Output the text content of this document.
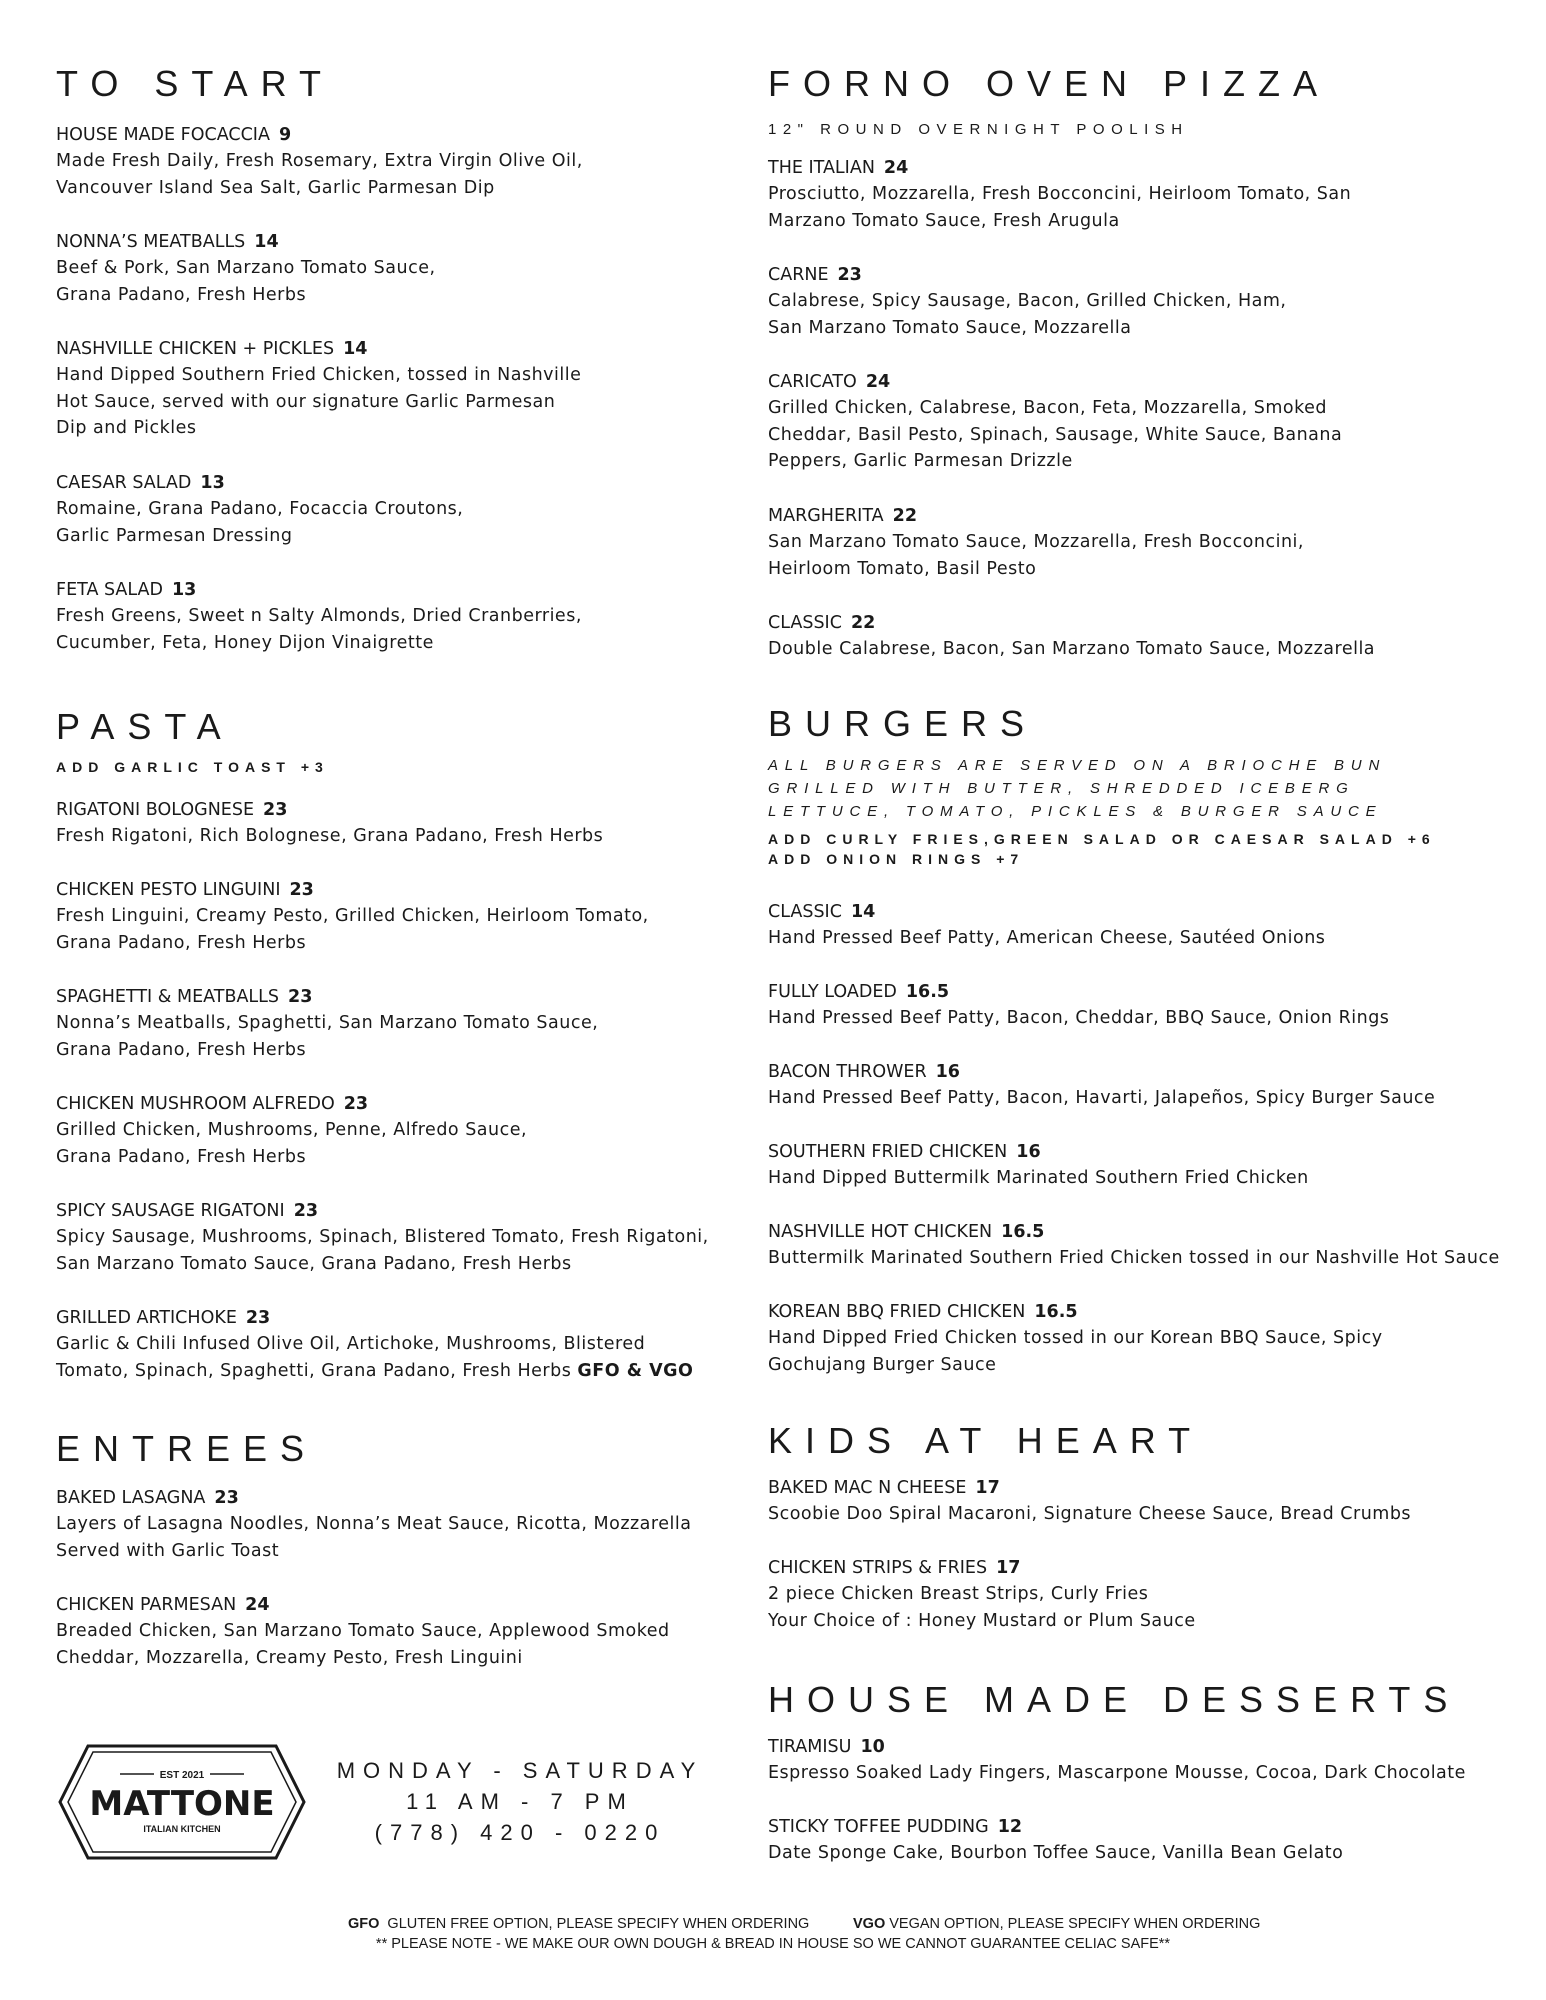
TO START
HOUSE MADE FOCACCIA 9
Made Fresh Daily, Fresh Rosemary, Extra Virgin Olive Oil,
Vancouver Island Sea Salt, Garlic Parmesan Dip
NONNA’S MEATBALLS 14
Beef & Pork, San Marzano Tomato Sauce,
Grana Padano, Fresh Herbs
NASHVILLE CHICKEN + PICKLES 14
Hand Dipped Southern Fried Chicken, tossed in Nashville
Hot Sauce, served with our signature Garlic Parmesan
Dip and Pickles
CAESAR SALAD 13
Romaine, Grana Padano, Focaccia Croutons,
Garlic Parmesan Dressing
FETA SALAD 13
Fresh Greens, Sweet n Salty Almonds, Dried Cranberries,
Cucumber, Feta, Honey Dijon Vinaigrette
PASTA
ADD GARLIC TOAST +3
RIGATONI BOLOGNESE 23
Fresh Rigatoni, Rich Bolognese, Grana Padano, Fresh Herbs
CHICKEN PESTO LINGUINI 23
Fresh Linguini, Creamy Pesto, Grilled Chicken, Heirloom Tomato,
Grana Padano, Fresh Herbs
SPAGHETTI & MEATBALLS 23
Nonna’s Meatballs, Spaghetti, San Marzano Tomato Sauce,
Grana Padano, Fresh Herbs
CHICKEN MUSHROOM ALFREDO 23
Grilled Chicken, Mushrooms, Penne, Alfredo Sauce,
Grana Padano, Fresh Herbs
SPICY SAUSAGE RIGATONI 23
Spicy Sausage, Mushrooms, Spinach, Blistered Tomato, Fresh Rigatoni,
San Marzano Tomato Sauce, Grana Padano, Fresh Herbs
GRILLED ARTICHOKE 23
Garlic & Chili Infused Olive Oil, Artichoke, Mushrooms, Blistered
Tomato, Spinach, Spaghetti, Grana Padano, Fresh Herbs GFO & VGO
ENTREES
BAKED LASAGNA 23
Layers of Lasagna Noodles, Nonna’s Meat Sauce, Ricotta, Mozzarella
Served with Garlic Toast
CHICKEN PARMESAN 24
Breaded Chicken, San Marzano Tomato Sauce, Applewood Smoked
Cheddar, Mozzarella, Creamy Pesto, Fresh Linguini
FORNO OVEN PIZZA
12" ROUND OVERNIGHT POOLISH
THE ITALIAN 24
Prosciutto, Mozzarella, Fresh Bocconcini, Heirloom Tomato, San
Marzano Tomato Sauce, Fresh Arugula
CARNE 23
Calabrese, Spicy Sausage, Bacon, Grilled Chicken, Ham,
San Marzano Tomato Sauce, Mozzarella
CARICATO 24
Grilled Chicken, Calabrese, Bacon, Feta, Mozzarella, Smoked
Cheddar, Basil Pesto, Spinach, Sausage, White Sauce, Banana
Peppers, Garlic Parmesan Drizzle
MARGHERITA 22
San Marzano Tomato Sauce, Mozzarella, Fresh Bocconcini,
Heirloom Tomato, Basil Pesto
CLASSIC 22
Double Calabrese, Bacon, San Marzano Tomato Sauce, Mozzarella
BURGERS
ALL BURGERS ARE SERVED ON A BRIOCHE BUN
GRILLED WITH BUTTER, SHREDDED ICEBERG
LETTUCE, TOMATO, PICKLES & BURGER SAUCE
ADD CURLY FRIES,GREEN SALAD OR CAESAR SALAD +6
ADD ONION RINGS +7
CLASSIC 14
Hand Pressed Beef Patty, American Cheese, Sautéed Onions
FULLY LOADED 16.5
Hand Pressed Beef Patty, Bacon, Cheddar, BBQ Sauce, Onion Rings
BACON THROWER 16
Hand Pressed Beef Patty, Bacon, Havarti, Jalapeños, Spicy Burger Sauce
SOUTHERN FRIED CHICKEN 16
Hand Dipped Buttermilk Marinated Southern Fried Chicken
NASHVILLE HOT CHICKEN 16.5
Buttermilk Marinated Southern Fried Chicken tossed in our Nashville Hot Sauce
KOREAN BBQ FRIED CHICKEN 16.5
Hand Dipped Fried Chicken tossed in our Korean BBQ Sauce, Spicy
Gochujang Burger Sauce
KIDS AT HEART
BAKED MAC N CHEESE 17
Scoobie Doo Spiral Macaroni, Signature Cheese Sauce, Bread Crumbs
CHICKEN STRIPS & FRIES 17
2 piece Chicken Breast Strips, Curly Fries
Your Choice of : Honey Mustard or Plum Sauce
HOUSE MADE DESSERTS
TIRAMISU 10
Espresso Soaked Lady Fingers, Mascarpone Mousse, Cocoa, Dark Chocolate
STICKY TOFFEE PUDDING 12
Date Sponge Cake, Bourbon Toffee Sauce, Vanilla Bean Gelato
EST 2021
MATTONE
ITALIAN KITCHEN
MONDAY - SATURDAY
11 AM - 7 PM
(778) 420 - 0220
GFO GLUTEN FREE OPTION, PLEASE SPECIFY WHEN ORDERING	VGO VEGAN OPTION, PLEASE SPECIFY WHEN ORDERING
** PLEASE NOTE - WE MAKE OUR OWN DOUGH & BREAD IN HOUSE SO WE CANNOT GUARANTEE CELIAC SAFE**
